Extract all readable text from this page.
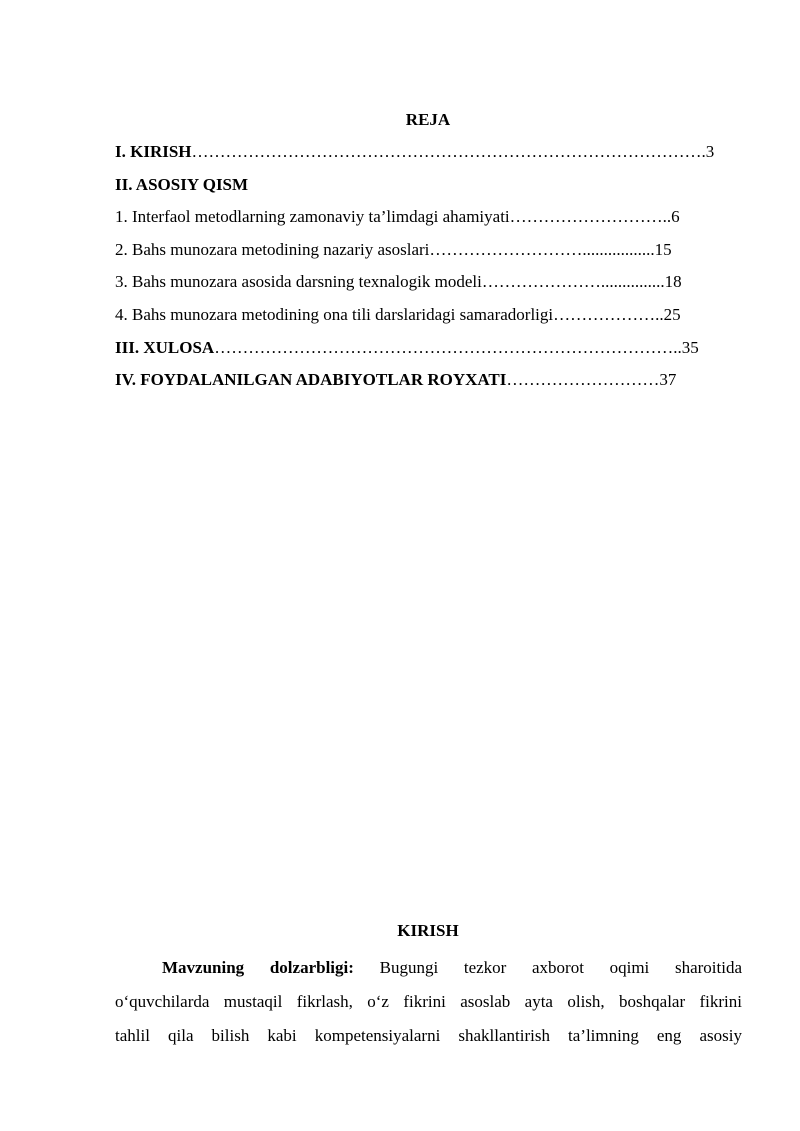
REJA
I. KIRISH……………………………………………………………………………….3
II. ASOSIY QISM
1. Interfaol metodlarning zamonaviy ta’limdagi ahamiyati………………………..6
2. Bahs munozara metodining nazariy asoslari……………………….................15
3. Bahs munozara asosida darsning texnalogik modeli…………………...............18
4. Bahs munozara metodining ona tili darslaridagi samaradorligi………………..25
III. XULOSA………………………………………………………………………..35
IV. FOYDALANILGAN ADABIYOTLAR ROYXATI………………………37
KIRISH
Mavzuning dolzarbligi: Bugungi tezkor axborot oqimi sharoitida
o‘quvchilarda mustaqil fikrlash, o‘z fikrini asoslab ayta olish, boshqalar fikrini
tahlil qila bilish kabi kompetensiyalarni shakllantirish ta’limning eng asosiy
